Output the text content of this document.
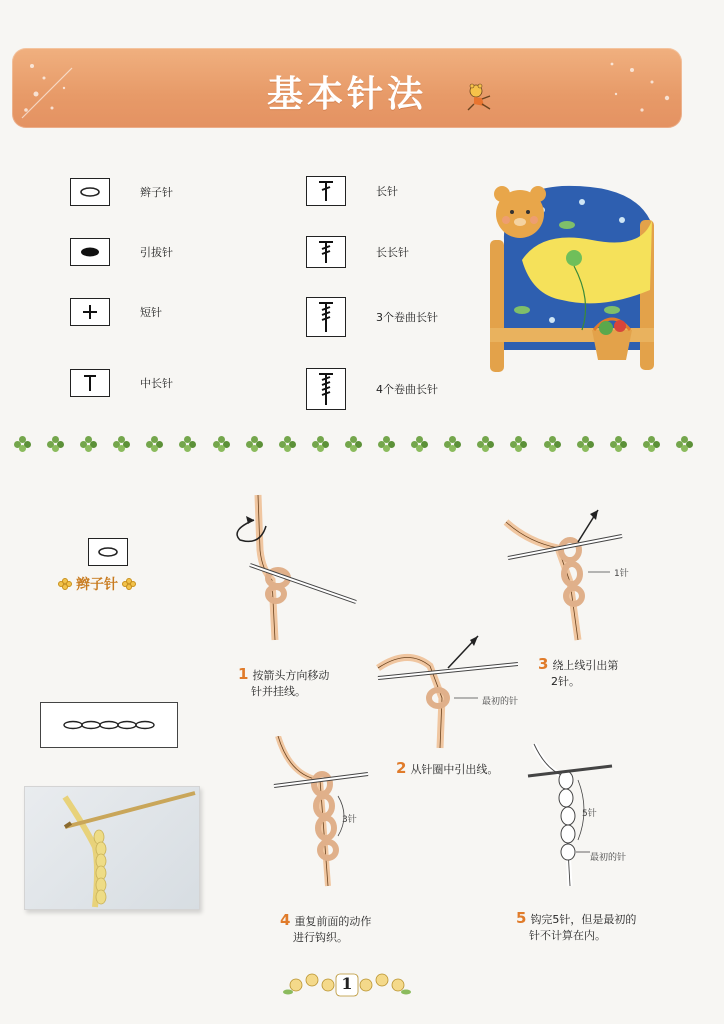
基本针法
辫子针
引拔针
短针
中长针
长针
长长针
3个卷曲长针
4个卷曲长针
辫子针
1 按箭头方向移动
针并挂线。
最初的针
2 从针圈中引出线。
1针
3 绕上线引出第
2针。
3针
4 重复前面的动作
进行钩织。
5针
最初的针
5 钩完5针，但是最初的
针不计算在内。
1
